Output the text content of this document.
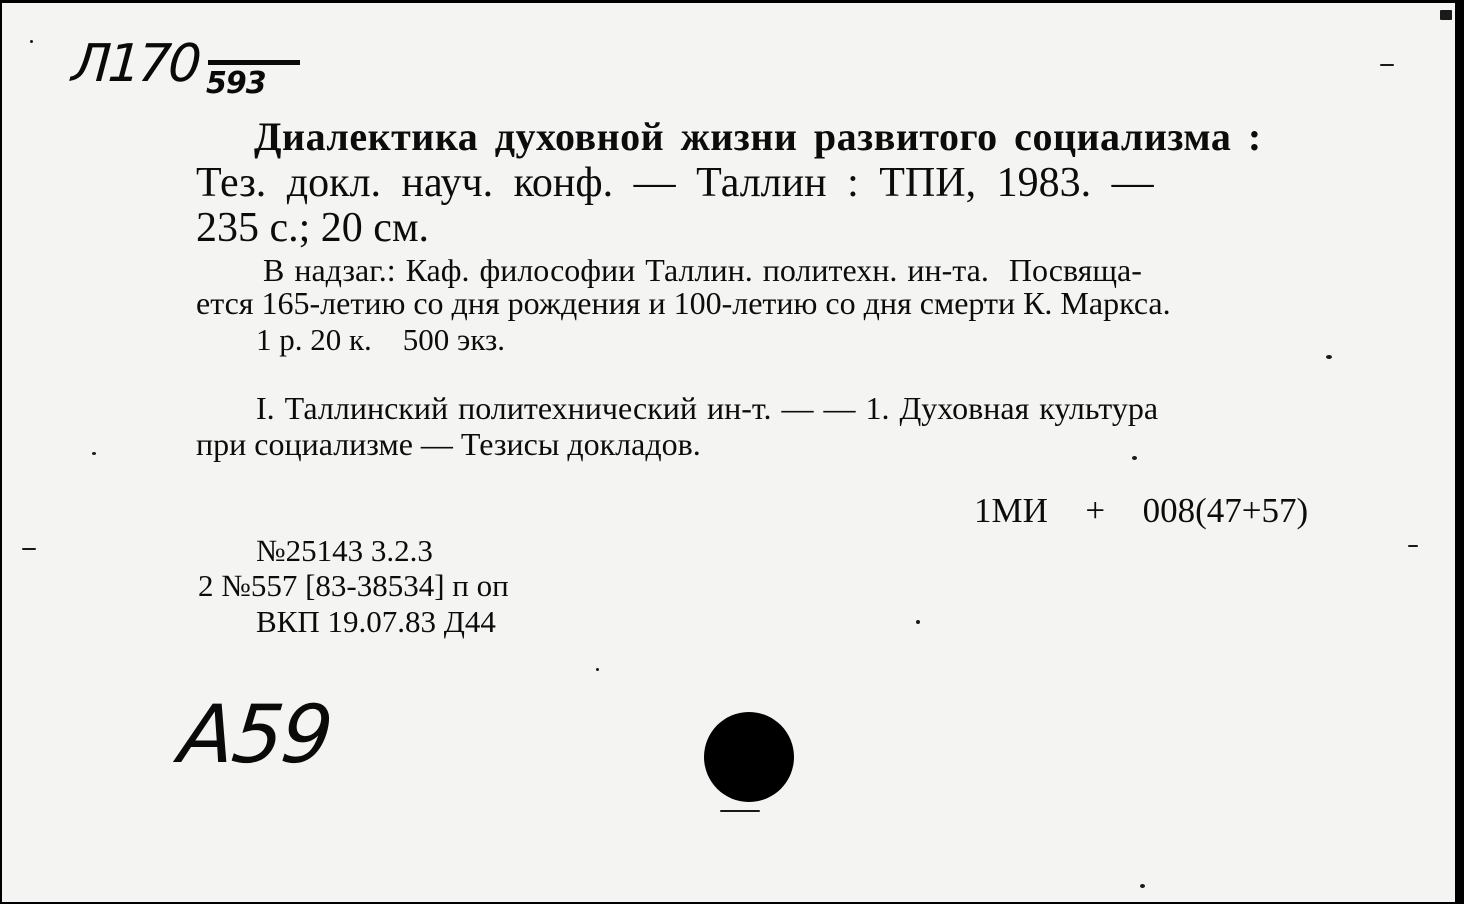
Л170 593
Диалектика духовной жизни развитого социализма :
Тез. докл. науч. конф. — Таллин : ТПИ, 1983. —
235 с.; 20 см.
В надзаг.: Каф. философии Таллин. политехн. ин-та.  Посвяща-
ется 165-летию со дня рождения и 100-летию со дня смерти К. Маркса.
1 р. 20 к.    500 экз.
I. Таллинский политехнический ин-т. — — 1. Духовная культура
при социализме — Тезисы докладов.
1МИ  +  008(47+57)
№25143 3.2.3
2 №557 [83-38534] п оп
ВКП 19.07.83 Д44
А59
